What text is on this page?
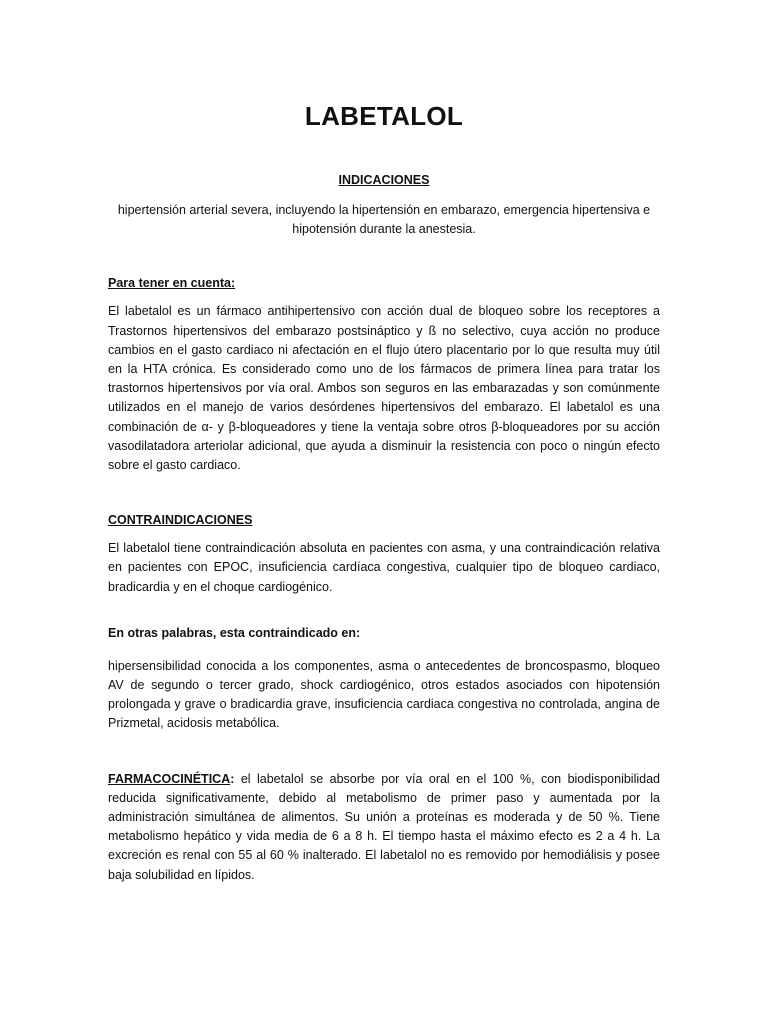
LABETALOL
INDICACIONES

hipertensión arterial severa, incluyendo la hipertensión en embarazo, emergencia hipertensiva e hipotensión durante la anestesia.

Para tener en cuenta:

El labetalol es un fármaco antihipertensivo con acción dual de bloqueo sobre los receptores a Trastornos hipertensivos del embarazo postsináptico y ß no selectivo, cuya acción no produce cambios en el gasto cardiaco ni afectación en el flujo útero placentario por lo que resulta muy útil en la HTA crónica. Es considerado como uno de los fármacos de primera línea para tratar los trastornos hipertensivos por vía oral. Ambos son seguros en las embarazadas y son comúnmente utilizados en el manejo de varios desórdenes hipertensivos del embarazo. El labetalol es una combinación de α- y β-bloqueadores y tiene la ventaja sobre otros β-bloqueadores por su acción vasodilatadora arteriolar adicional, que ayuda a disminuir la resistencia con poco o ningún efecto sobre el gasto cardiaco.

CONTRAINDICACIONES

El labetalol tiene contraindicación absoluta en pacientes con asma, y una contraindicación relativa en pacientes con EPOC, insuficiencia cardíaca congestiva, cualquier tipo de bloqueo cardiaco, bradicardia y en el choque cardiogénico.

En otras palabras, esta contraindicado en:

hipersensibilidad conocida a los componentes, asma o antecedentes de broncospasmo, bloqueo AV de segundo o tercer grado, shock cardiogénico, otros estados asociados con hipotensión prolongada y grave o bradicardia grave, insuficiencia cardiaca congestiva no controlada, angina de Prizmetal, acidosis metabólica.

FARMACOCINÉTICA: el labetalol se absorbe por vía oral en el 100 %, con biodisponibilidad reducida significativamente, debido al metabolismo de primer paso y aumentada por la administración simultánea de alimentos. Su unión a proteínas es moderada y de 50 %. Tiene metabolismo hepático y vida media de 6 a 8 h. El tiempo hasta el máximo efecto es 2 a 4 h. La excreción es renal con 55 al 60 % inalterado. El labetalol no es removido por hemodiálisis y posee baja solubilidad en lípidos.
